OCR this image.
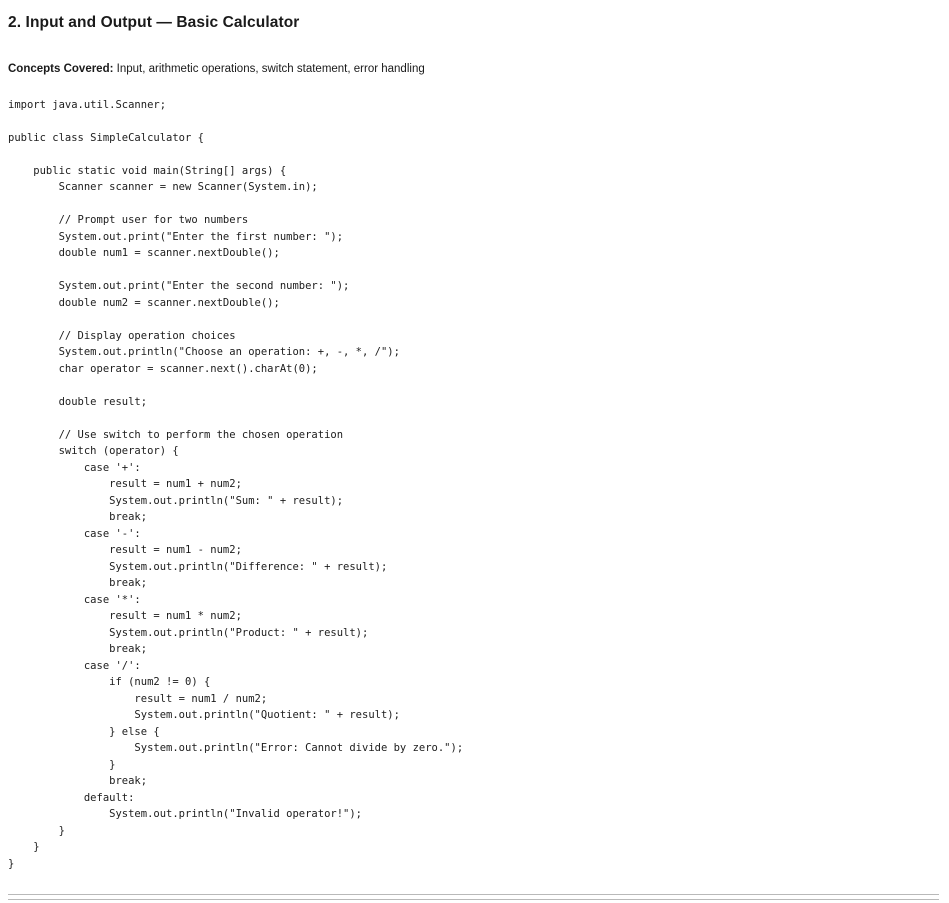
2. Input and Output — Basic Calculator

Concepts Covered: Input, arithmetic operations, switch statement, error handling

import java.util.Scanner;

public class SimpleCalculator {

public static void main(String[] args) {
Scanner scanner = new Scanner(System.in);

// Prompt user for two numbers
System.out.print("Enter the first number: ");
double num1 = scanner.nextDouble();

System.out.print("Enter the second number: ");
double num2 = scanner.nextDouble();

// Display operation choices
System.out.println("Choose an operation: +, -, *, /");
char operator = scanner.next().charAt(0);

double result;

// Use switch to perform the chosen operation
switch (operator) {
case '+':
result = num1 + num2;
System.out.println("Sum: " + result);
break;
case '-':
result = num1 - num2;
System.out.println("Difference: " + result);
break;
case '*':
result = num1 * num2;
System.out.println("Product: " + result);
break;
case '/':
if (num2 != 0) {
result = num1 / num2;
System.out.println("Quotient: " + result);
} else {
System.out.println("Error: Cannot divide by zero.");
}
break;
default:
System.out.println("Invalid operator!");
}
}
}
